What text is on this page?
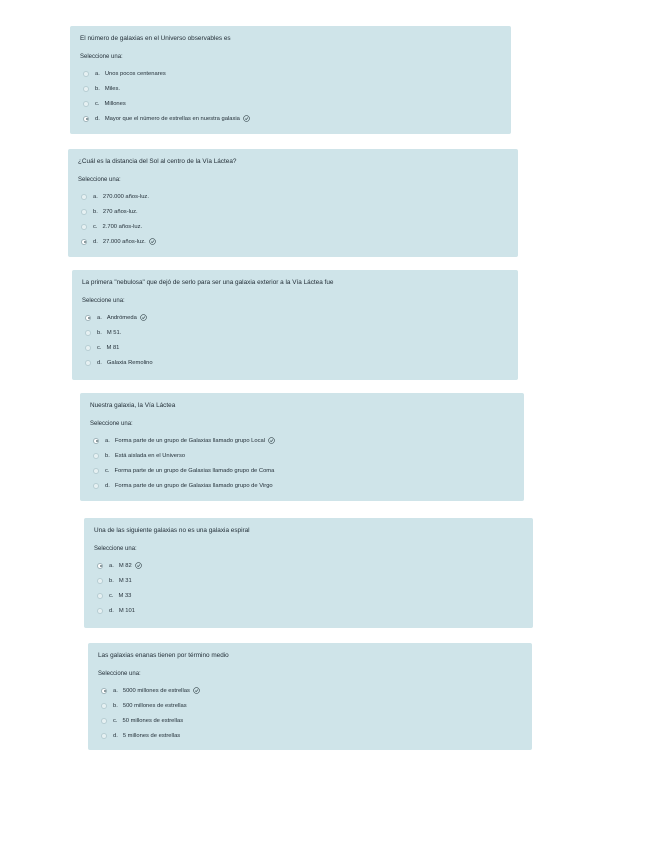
El número de galaxias en el Universo observables es
Seleccione una:
a. Unos pocos centenares
b. Miles.
c. Millones
d. Mayor que el número de estrellas en nuestra galaxia
¿Cuál es la distancia del Sol al centro de la Vía Láctea?
Seleccione una:
a. 270.000 años-luz.
b. 270 años-luz.
c. 2.700 años-luz.
d. 27.000 años-luz.
La primera "nebulosa" que dejó de serlo para ser una galaxia exterior a la Vía Láctea fue
Seleccione una:
a. Andrómeda
b. M 51.
c. M 81
d. Galaxia Remolino
Nuestra galaxia, la Vía Láctea
Seleccione una:
a. Forma parte de un grupo de Galaxias llamado grupo Local
b. Está aislada en el Universo
c. Forma parte de un grupo de Galaxias llamado grupo de Coma
d. Forma parte de un grupo de Galaxias llamado grupo de Virgo
Una de las siguiente galaxias no es una galaxia espiral
Seleccione una:
a. M 82
b. M 31
c. M 33
d. M 101
Las galaxias enanas tienen por término medio
Seleccione una:
a. 5000 millones de estrellas
b. 500 millones de estrellas
c. 50 millones de estrellas
d. 5 millones de estrellas
